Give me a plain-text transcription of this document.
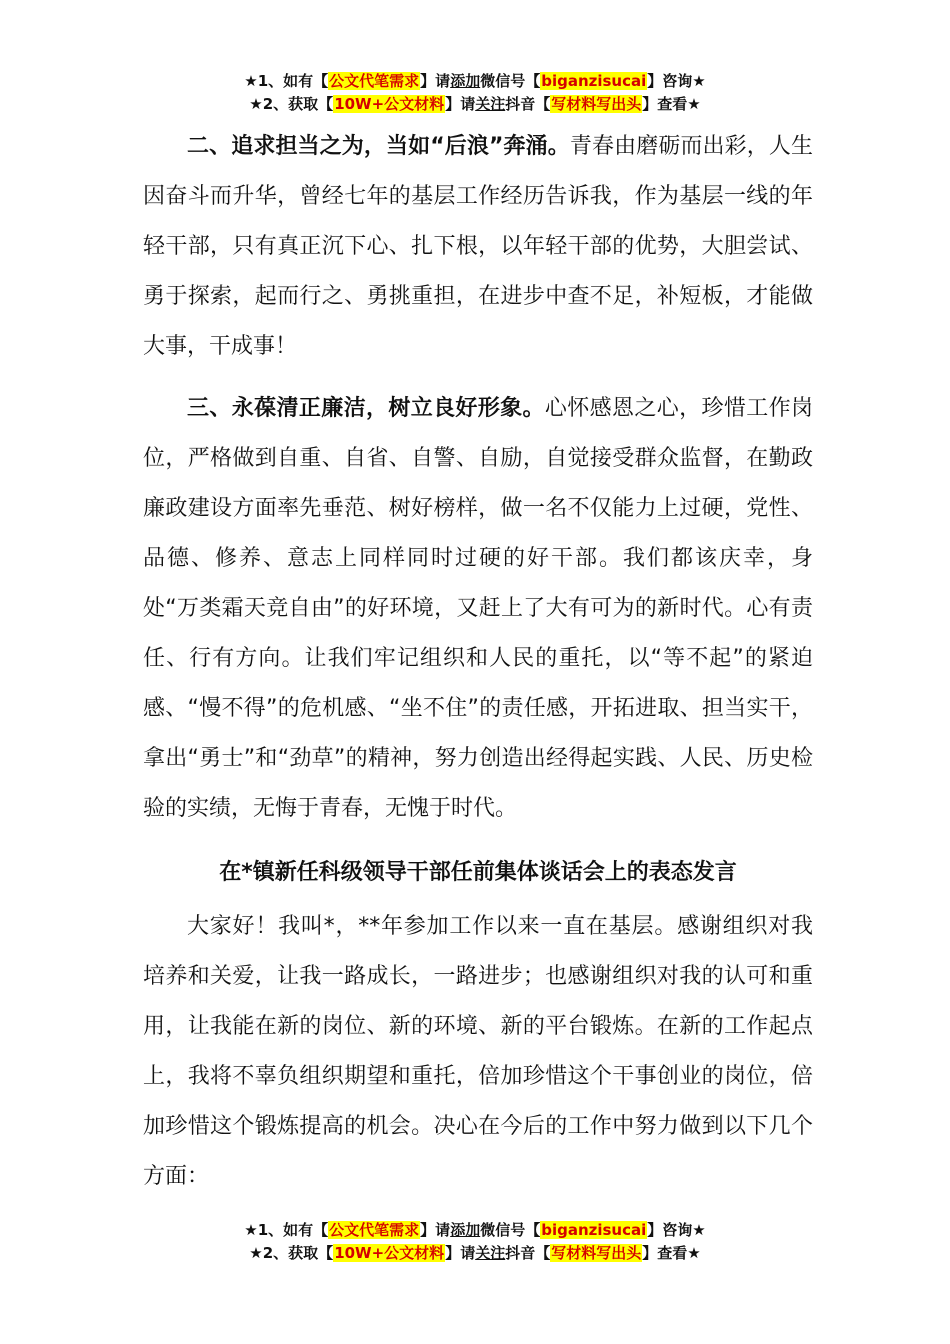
★1、如有【公文代笔需求】请添加微信号【biganzisucai】咨询★
★2、获取【10W+公文材料】请关注抖音【写材料写出头】查看★

二、追求担当之为，当如“后浪”奔涌。青春由磨砺而出彩，人生因奋斗而升华，曾经七年的基层工作经历告诉我，作为基层一线的年轻干部，只有真正沉下心、扎下根，以年轻干部的优势，大胆尝试、勇于探索，起而行之、勇挑重担，在进步中查不足，补短板，才能做大事，干成事！

三、永葆清正廉洁，树立良好形象。心怀感恩之心，珍惜工作岗位，严格做到自重、自省、自警、自励，自觉接受群众监督，在勤政廉政建设方面率先垂范、树好榜样，做一名不仅能力上过硬，党性、品德、修养、意志上同样同时过硬的好干部。我们都该庆幸，身处“万类霜天竞自由”的好环境，又赶上了大有可为的新时代。心有责任、行有方向。让我们牢记组织和人民的重托，以“等不起”的紧迫感、“慢不得”的危机感、“坐不住”的责任感，开拓进取、担当实干，拿出“勇士”和“劲草”的精神，努力创造出经得起实践、人民、历史检验的实绩，无悔于青春，无愧于时代。

在*镇新任科级领导干部任前集体谈话会上的表态发言

大家好！我叫*，**年参加工作以来一直在基层。感谢组织对我培养和关爱，让我一路成长，一路进步；也感谢组织对我的认可和重用，让我能在新的岗位、新的环境、新的平台锻炼。在新的工作起点上，我将不辜负组织期望和重托，倍加珍惜这个干事创业的岗位，倍加珍惜这个锻炼提高的机会。决心在今后的工作中努力做到以下几个方面：

★1、如有【公文代笔需求】请添加微信号【biganzisucai】咨询★
★2、获取【10W+公文材料】请关注抖音【写材料写出头】查看★
